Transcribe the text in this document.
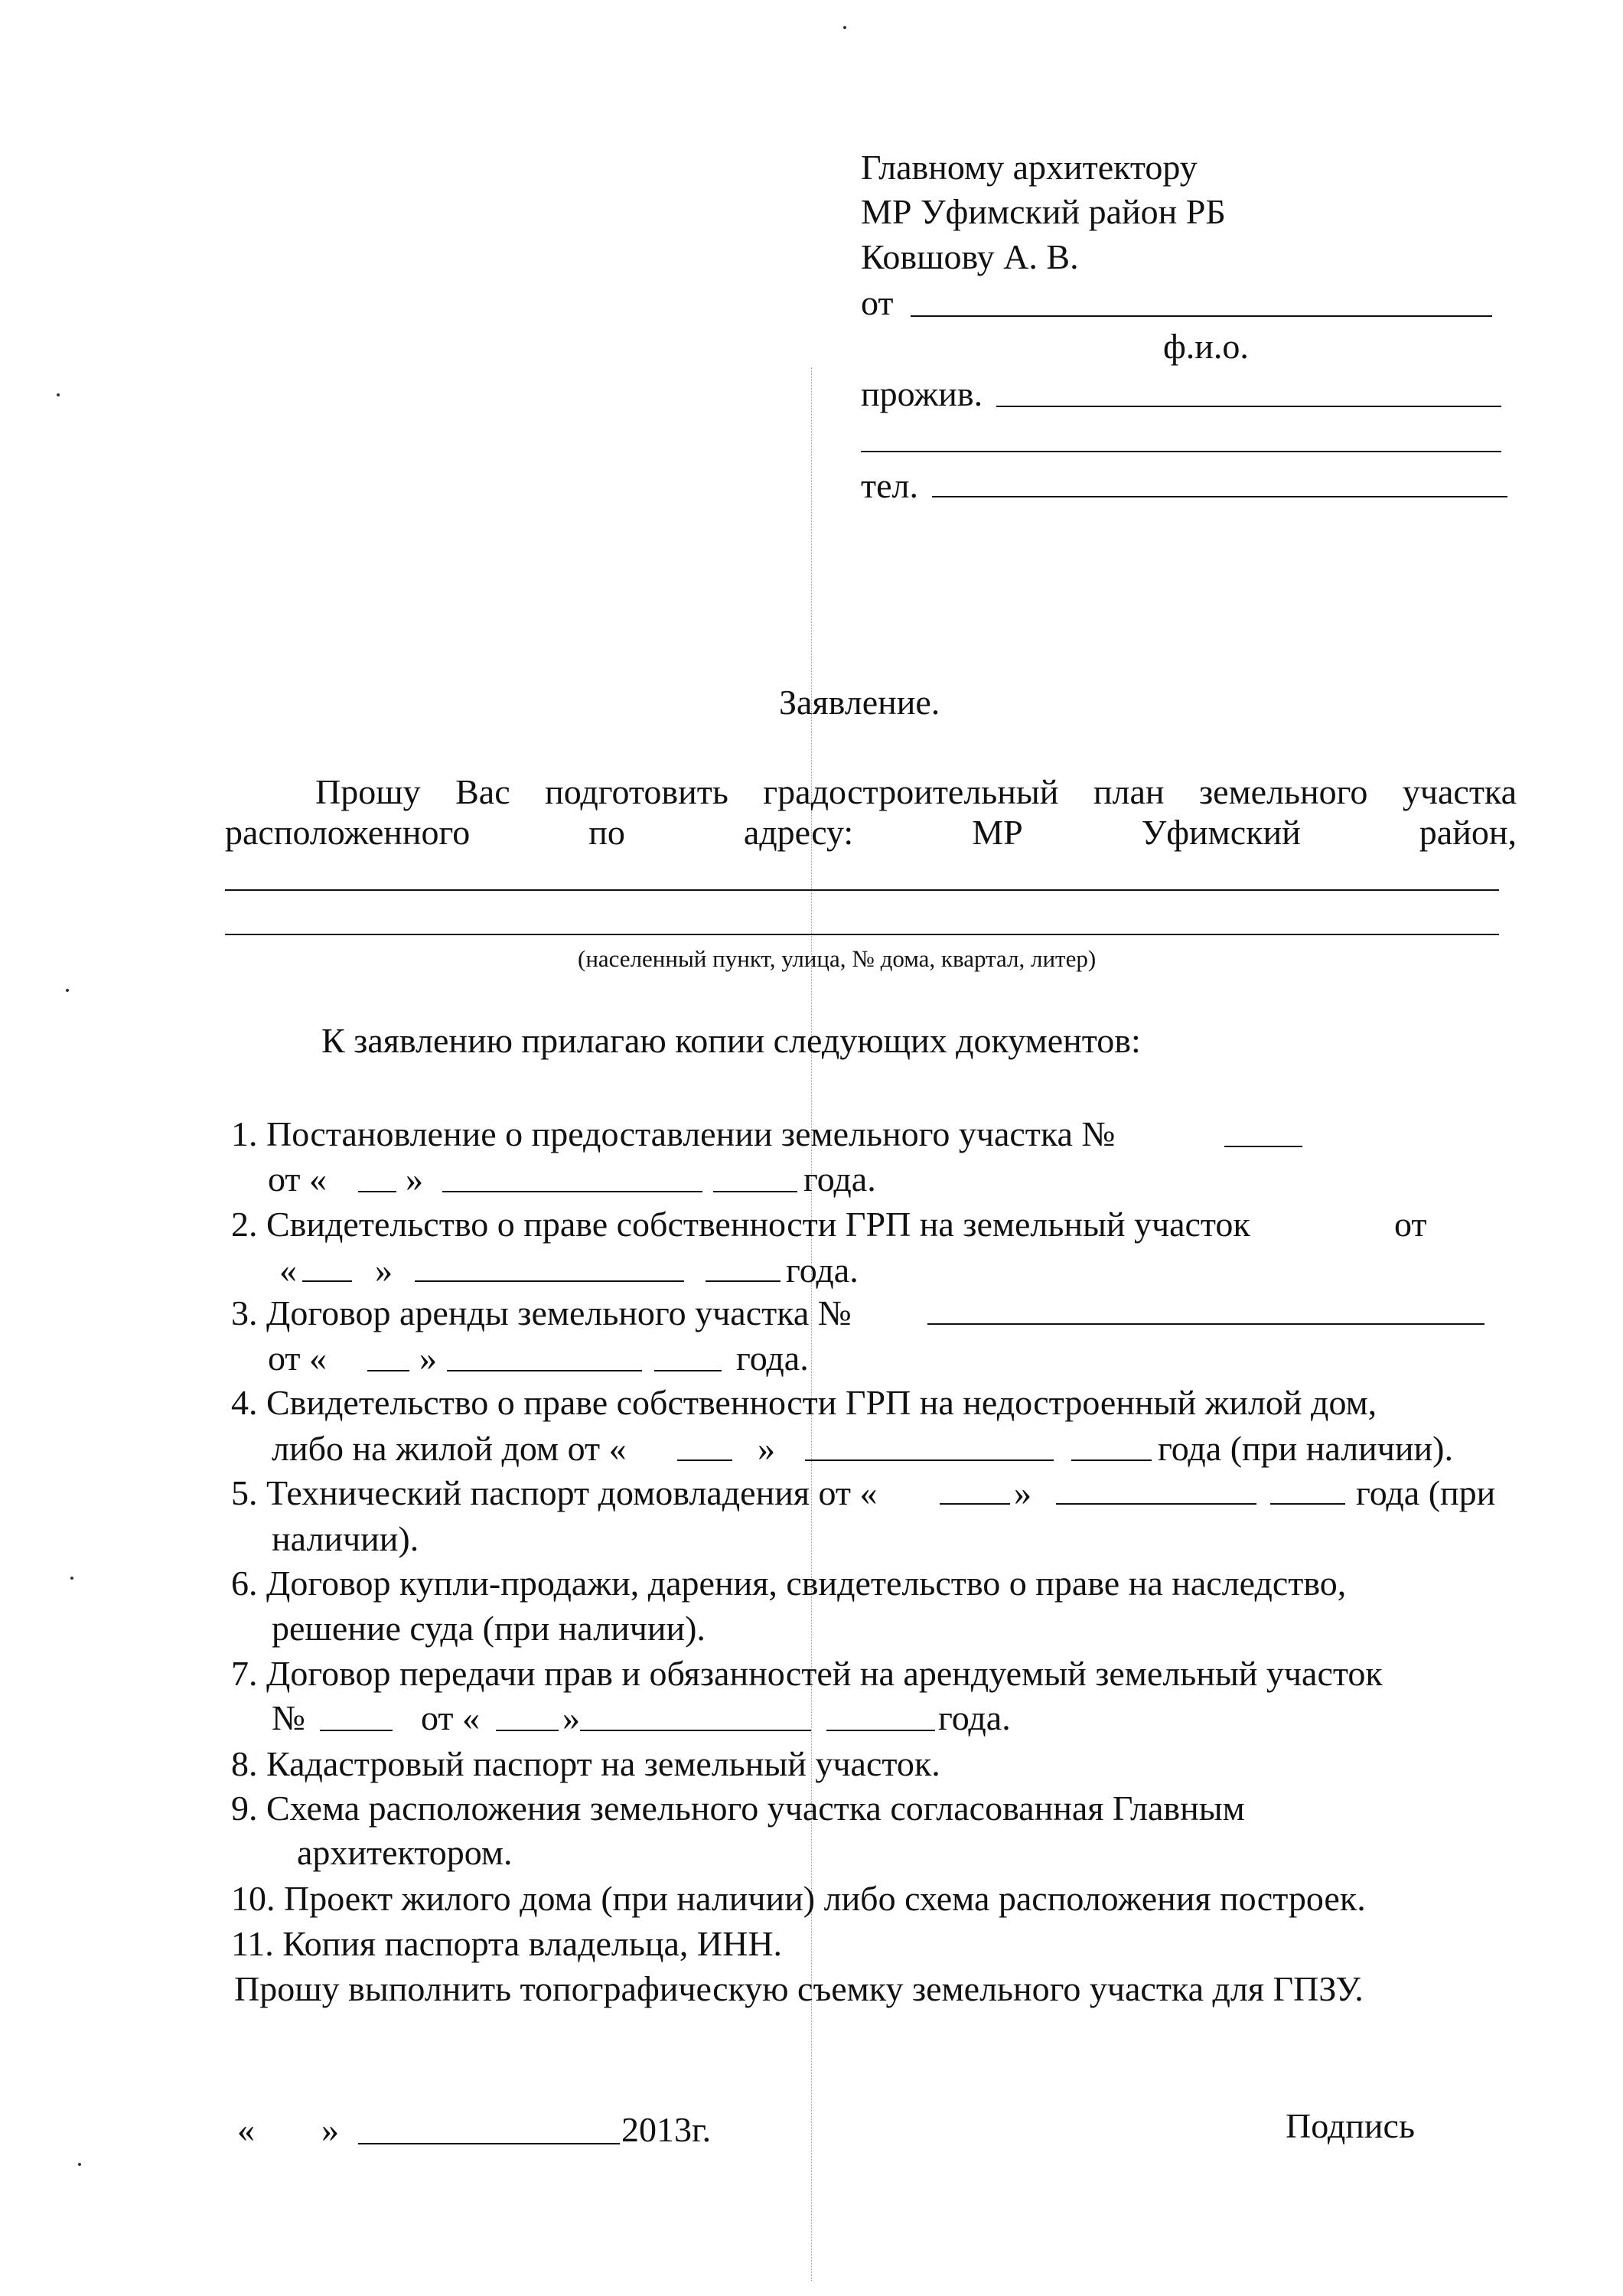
Главному архитектору
МР Уфимский район РБ
Ковшову А. В.
от
ф.и.о.
прожив.
тел.
Заявление.
Прошу Вас подготовить градостроительный план земельного участка
расположенного	по	адресу:	МР	Уфимский	район,
(населенный пункт, улица, № дома, квартал, литер)
К заявлению прилагаю копии следующих документов:
1. Постановление о предоставлении земельного участка №
от « »	года.
2. Свидетельство о праве собственности ГРП на земельный участок	от
« »	года.
3. Договор аренды земельного участка №
от «	»	года.
4. Свидетельство о праве собственности ГРП на недостроенный жилой дом,
либо на жилой дом от «	»	года (при наличии).
5. Технический паспорт домовладения от «	»	года (при
наличии).
6. Договор купли-продажи, дарения, свидетельство о праве на наследство,
решение суда (при наличии).
7. Договор передачи прав и обязанностей на арендуемый земельный участок
№	от « »	года.
8. Кадастровый паспорт на земельный участок.
9. Схема расположения земельного участка согласованная Главным
архитектором.
10. Проект жилого дома (при наличии) либо схема расположения построек.
11. Копия паспорта владельца, ИНН.
Прошу выполнить топографическую съемку земельного участка для ГПЗУ.
« »	2013г.	Подпись
